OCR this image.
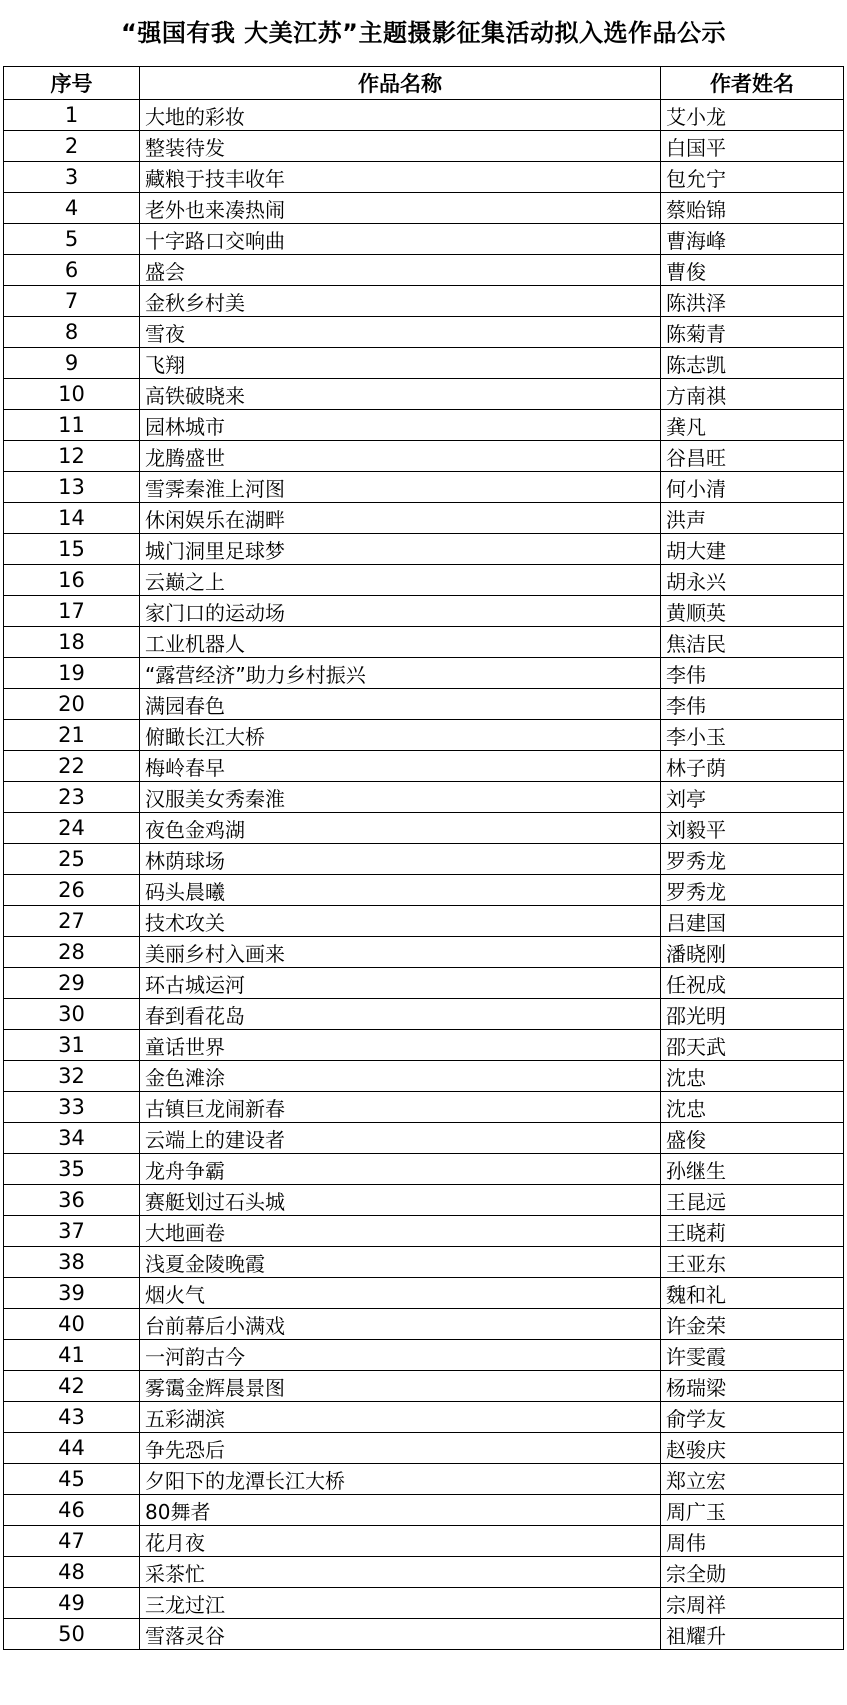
“强国有我 大美江苏”主题摄影征集活动拟入选作品公示
序号	作品名称	作者姓名
1	大地的彩妆	艾小龙
2	整装待发	白国平
3	藏粮于技丰收年	包允宁
4	老外也来凑热闹	蔡贻锦
5	十字路口交响曲	曹海峰
6	盛会	曹俊
7	金秋乡村美	陈洪泽
8	雪夜	陈菊青
9	飞翔	陈志凯
10	高铁破晓来	方南祺
11	园林城市	龚凡
12	龙腾盛世	谷昌旺
13	雪霁秦淮上河图	何小清
14	休闲娱乐在湖畔	洪声
15	城门洞里足球梦	胡大建
16	云巅之上	胡永兴
17	家门口的运动场	黄顺英
18	工业机器人	焦洁民
19	“露营经济”助力乡村振兴	李伟
20	满园春色	李伟
21	俯瞰长江大桥	李小玉
22	梅岭春早	林子荫
23	汉服美女秀秦淮	刘亭
24	夜色金鸡湖	刘毅平
25	林荫球场	罗秀龙
26	码头晨曦	罗秀龙
27	技术攻关	吕建国
28	美丽乡村入画来	潘晓刚
29	环古城运河	任祝成
30	春到看花岛	邵光明
31	童话世界	邵天武
32	金色滩涂	沈忠
33	古镇巨龙闹新春	沈忠
34	云端上的建设者	盛俊
35	龙舟争霸	孙继生
36	赛艇划过石头城	王昆远
37	大地画卷	王晓莉
38	浅夏金陵晚霞	王亚东
39	烟火气	魏和礼
40	台前幕后小满戏	许金荣
41	一河韵古今	许雯霞
42	雾霭金辉晨景图	杨瑞梁
43	五彩湖滨	俞学友
44	争先恐后	赵骏庆
45	夕阳下的龙潭长江大桥	郑立宏
46	80舞者	周广玉
47	花月夜	周伟
48	采茶忙	宗全勋
49	三龙过江	宗周祥
50	雪落灵谷	祖耀升
